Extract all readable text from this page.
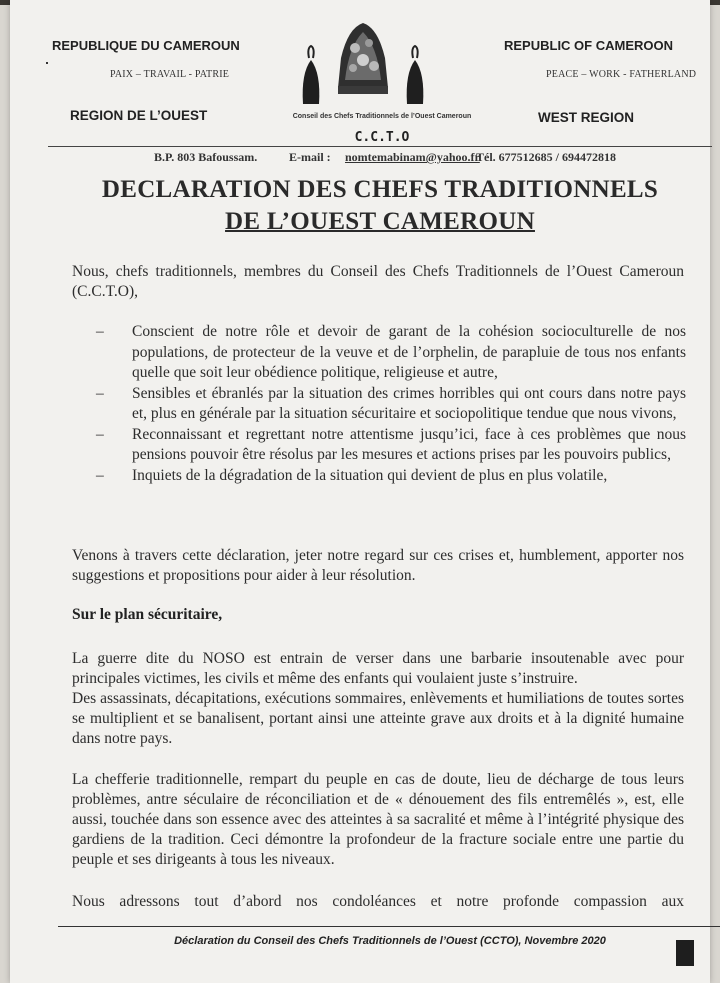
REPUBLIQUE DU CAMEROUN
PAIX – TRAVAIL - PATRIE
REGION DE L’OUEST
REPUBLIC OF CAMEROON
PEACE – WORK - FATHERLAND
WEST REGION
Conseil des Chefs Traditionnels de l’Ouest Cameroun
C.C.T.O
B.P. 803 Bafoussam.	E-mail : nomtemabinam@yahoo.fr
Tél. 677512685 / 694472818
DECLARATION DES CHEFS TRADITIONNELS
DE L’OUEST CAMEROUN
Nous, chefs traditionnels, membres du Conseil des Chefs Traditionnels de l’Ouest Cameroun (C.C.T.O),
– Conscient de notre rôle et devoir de garant de la cohésion socioculturelle de nos populations, de protecteur de la veuve et de l’orphelin, de parapluie de tous nos enfants quelle que soit leur obédience politique, religieuse et autre,
– Sensibles et ébranlés par la situation des crimes horribles qui ont cours dans notre pays et, plus en générale par la situation sécuritaire et sociopolitique tendue que nous vivons,
– Reconnaissant et regrettant notre attentisme jusqu’ici, face à ces problèmes que nous pensions pouvoir être résolus par les mesures et actions prises par les pouvoirs publics,
– Inquiets de la dégradation de la situation qui devient de plus en plus volatile,
Venons à travers cette déclaration, jeter notre regard sur ces crises et, humblement, apporter nos suggestions et propositions pour aider à leur résolution.
Sur le plan sécuritaire,
La guerre dite du NOSO est entrain de verser dans une barbarie insoutenable avec pour principales victimes, les civils et même des enfants qui voulaient juste s’instruire.
Des assassinats, décapitations, exécutions sommaires, enlèvements et humiliations de toutes sortes se multiplient et se banalisent, portant ainsi une atteinte grave aux droits et à la dignité humaine dans notre pays.
La chefferie traditionnelle, rempart du peuple en cas de doute, lieu de décharge de tous leurs problèmes, antre séculaire de réconciliation et de « dénouement des fils entremêlés », est, elle aussi, touchée dans son essence avec des atteintes à sa sacralité et même à l’intégrité physique des gardiens de la tradition. Ceci démontre la profondeur de la fracture sociale entre une partie du peuple et ses dirigeants à tous les niveaux.
Nous adressons tout d’abord nos condoléances et notre profonde compassion aux
Déclaration du Conseil des Chefs Traditionnels de l’Ouest (CCTO), Novembre 2020
